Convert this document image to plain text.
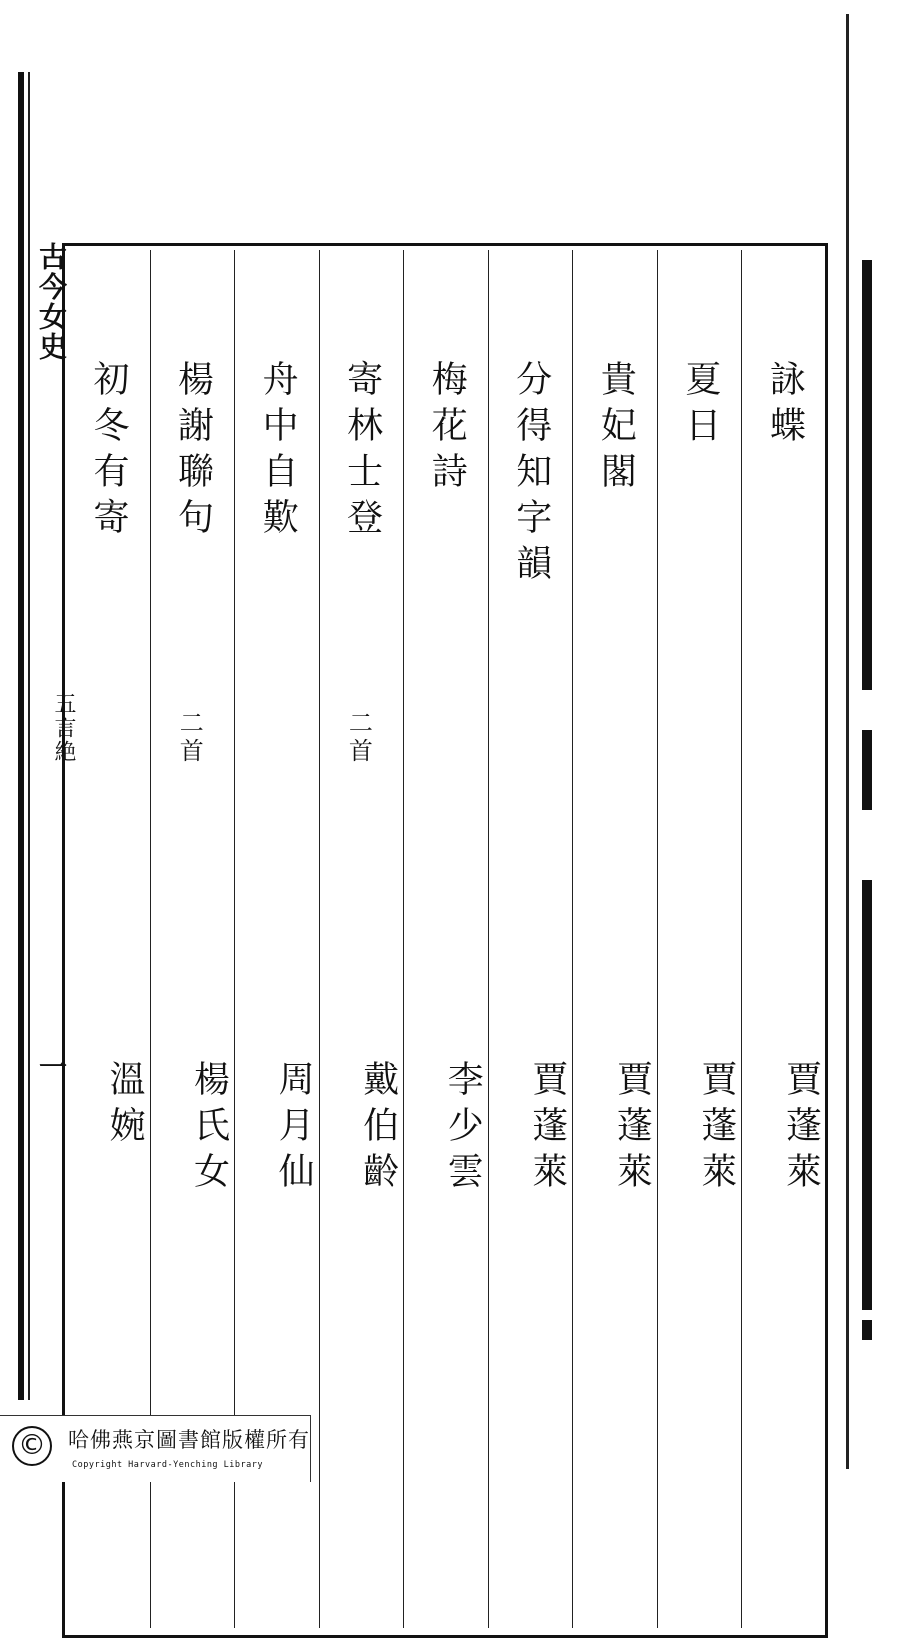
古今女史
五言絶
一
詠蝶
賈蓬萊
夏日
賈蓬萊
貴妃閣
賈蓬萊
分得知字韻
賈蓬萊
梅花詩
李少雲
寄林士登
二首
戴伯齡
舟中自歎
周月仙
楊謝聯句
二首
楊氏女
初冬有寄
溫婉
© 哈佛燕京圖書館版權所有
Copyright Harvard-Yenching Library
